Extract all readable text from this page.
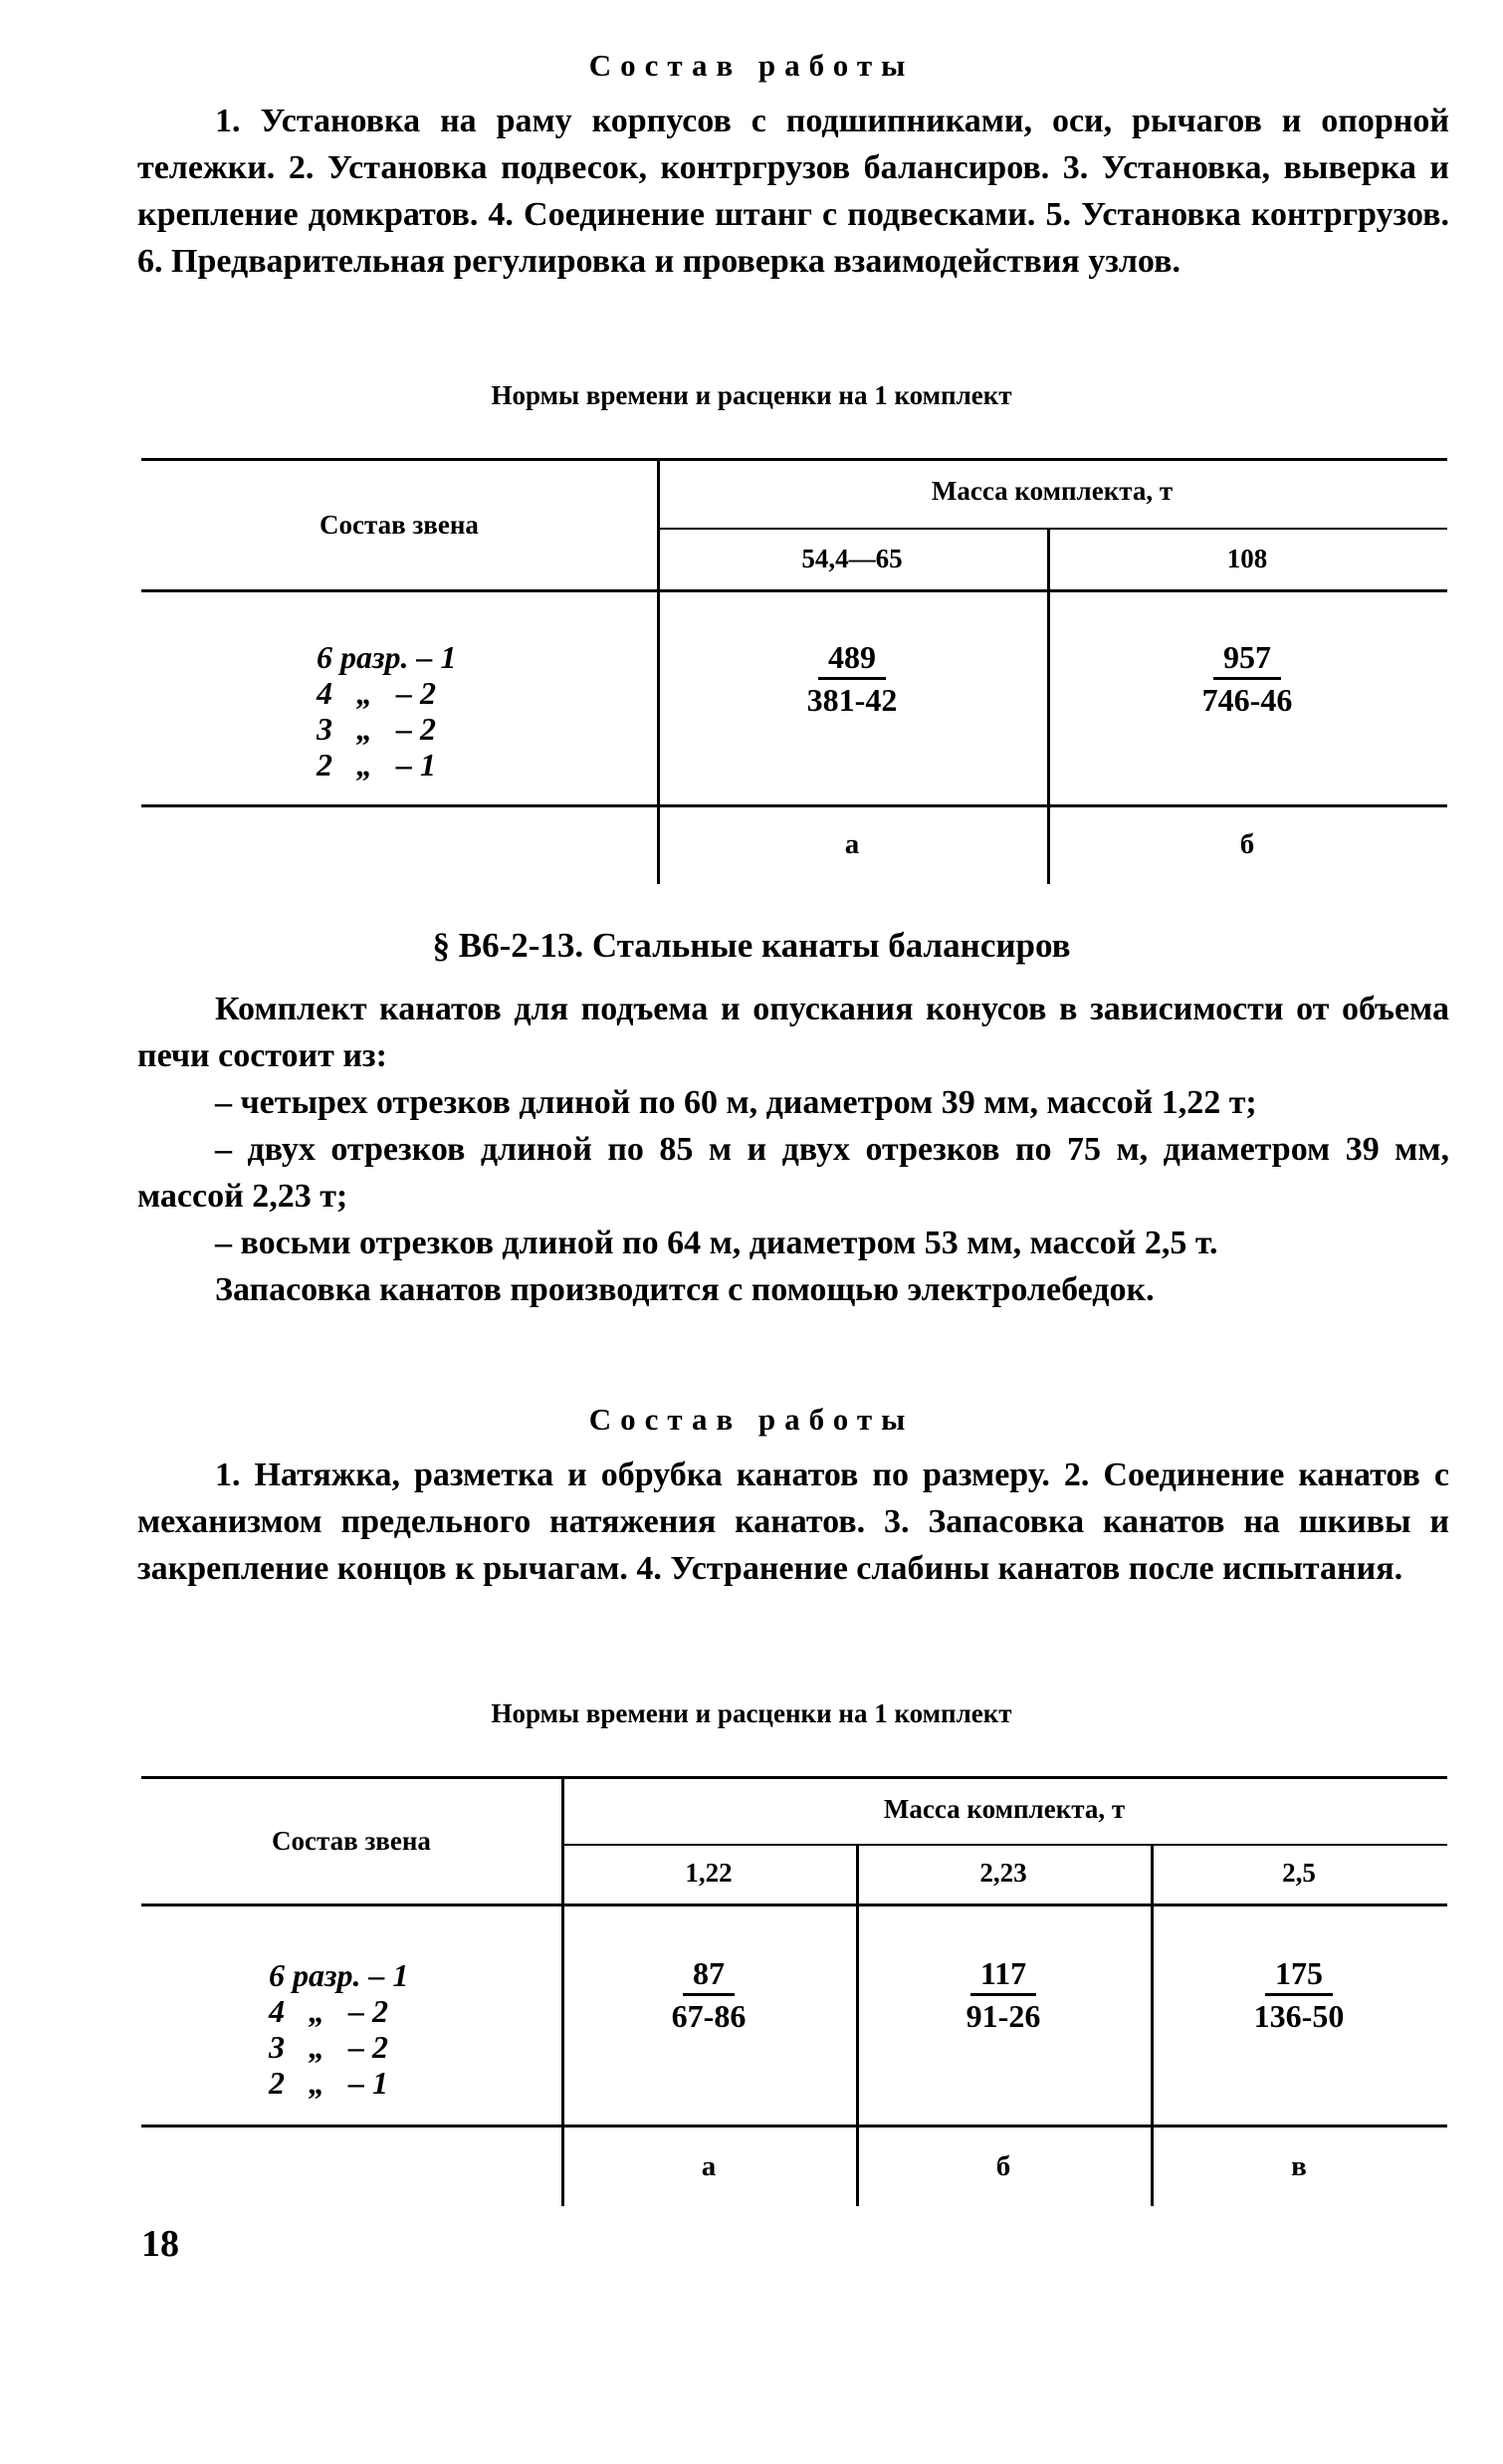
Состав работы

1. Установка на раму корпусов с подшипниками, оси, рычагов и опорной тележки. 2. Установка подвесок, контргрузов балансиров. 3. Установка, выверка и крепление домкратов. 4. Соединение штанг с подвесками. 5. Установка контргрузов. 6. Предварительная регулировка и проверка взаимодействия узлов.

Нормы времени и расценки на 1 комплект
Состав звена
Масса комплекта, т
54,4—65	108
6 разр. – 1
4   „   – 2
3   „   – 2
2   „   – 1
$\frac{489}{381-42} \frac{957}{746-46}$
а	б
§ В6-2-13. Стальные канаты балансиров

Комплект канатов для подъема и опускания конусов в зависимости от объема печи состоит из:

– четырех отрезков длиной по 60 м, диаметром 39 мм, массой 1,22 т;

– двух отрезков длиной по 85 м и двух отрезков по 75 м, диаметром 39 мм, массой 2,23 т;

– восьми отрезков длиной по 64 м, диаметром 53 мм, массой 2,5 т.

Запасовка канатов производится с помощью электролебедок.

Состав работы

1. Натяжка, разметка и обрубка канатов по размеру. 2. Соединение канатов с механизмом предельного натяжения канатов. 3. Запасовка канатов на шкивы и закрепление концов к рычагам. 4. Устранение слабины канатов после испытания.

Нормы времени и расценки на 1 комплект
Состав звена
Масса комплекта, т
1,22	2,23	2,5
6 разр. – 1
4   „   – 2
3   „   – 2
2   „   – 1
$\frac{87}{67-86} \frac{117}{91-26} \frac{175}{136-50}$
а	б	в
18
